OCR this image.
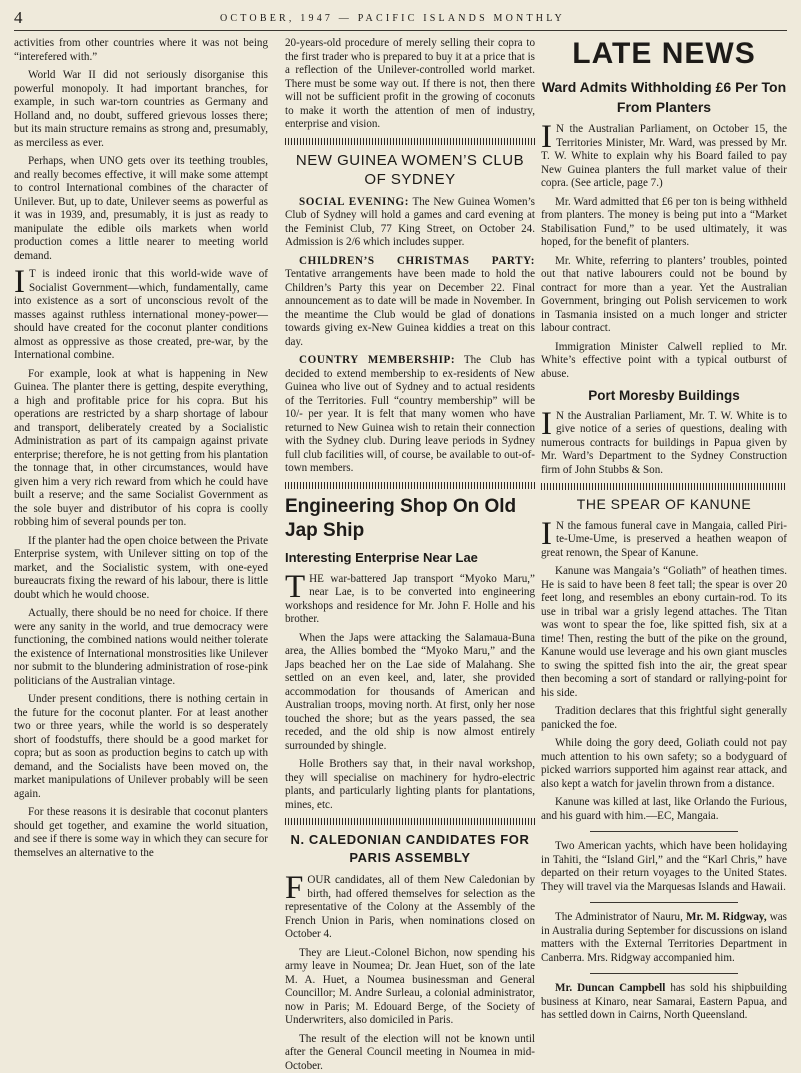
4	OCTOBER, 1947 — PACIFIC ISLANDS MONTHLY

activities from other countries where it was not being “interefered with.”

World War II did not seriously disorganise this powerful monopoly. It had important branches, for example, in such war-torn countries as Germany and Holland and, no doubt, suffered grievous losses there; but its main structure remains as strong and, presumably, as merciless as ever.

Perhaps, when UNO gets over its teething troubles, and really becomes effective, it will make some attempt to control International combines of the character of Unilever. But, up to date, Unilever seems as powerful as it was in 1939, and, presumably, it is just as ready to manipulate the edible oils markets when world production comes a little nearer to meeting world demand.

I T is indeed ironic that this world-wide wave of Socialist Government—which, fundamentally, came into existence as a sort of unconscious revolt of the masses against ruthless international money-power—should have created for the coconut planter conditions almost as oppressive as those created, pre-war, by the International combine.

For example, look at what is happening in New Guinea. The planter there is getting, despite everything, a high and profitable price for his copra. But his operations are restricted by a sharp shortage of labour and transport, deliberately created by a Socialistic Administration as part of its campaign against private enterprise; therefore, he is not getting from his plantation the tonnage that, in other circumstances, would have given him a very rich reward from which he could have built a reserve; and the same Socialist Government as the sole buyer and distributor of his copra is coolly robbing him of several pounds per ton.

If the planter had the open choice between the Private Enterprise system, with Unilever sitting on top of the market, and the Socialistic system, with one-eyed bureaucrats fixing the reward of his labour, there is little doubt which he would choose.

Actually, there should be no need for choice. If there were any sanity in the world, and true democracy were functioning, the combined nations would neither tolerate the existence of International monstrosities like Unilever nor submit to the blundering administration of rose-pink politicians of the Australian vintage.

Under present conditions, there is nothing certain in the future for the coconut planter. For at least another two or three years, while the world is so desperately short of foodstuffs, there should be a good market for copra; but as soon as production begins to catch up with demand, and the Socialists have been moved on, the market manipulations of Unilever probably will be seen again.

For these reasons it is desirable that coconut planters should get together, and examine the world situation, and see if there is some way in which they can secure for themselves an alternative to the

20-years-old procedure of merely selling their copra to the first trader who is prepared to buy it at a price that is a reflection of the Unilever-controlled world market. There must be some way out. If there is not, then there will not be sufficient profit in the growing of coconuts to make it worth the attention of men of industry, enterprise and vision.

NEW GUINEA WOMEN’S CLUB OF SYDNEY

SOCIAL EVENING: The New Guinea Women’s Club of Sydney will hold a games and card evening at the Feminist Club, 77 King Street, on October 24. Admission is 2/6 which includes supper.

CHILDREN’S CHRISTMAS PARTY: Tentative arrangements have been made to hold the Children’s Party this year on December 22. Final announcement as to date will be made in November. In the meantime the Club would be glad of donations towards giving ex-New Guinea kiddies a treat on this day.

COUNTRY MEMBERSHIP: The Club has decided to extend membership to ex-residents of New Guinea who live out of Sydney and to actual residents of the Territories. Full “country membership” will be 10/- per year. It is felt that many women who have returned to New Guinea wish to retain their connection with the Sydney club. During leave periods in Sydney full club facilities will, of course, be available to out-of-town members.

Engineering Shop On Old Jap Ship
Interesting Enterprise Near Lae

THE war-battered Jap transport “Myoko Maru,” near Lae, is to be converted into engineering workshops and residence for Mr. John F. Holle and his brother.

When the Japs were attacking the Salamaua-Buna area, the Allies bombed the “Myoko Maru,” and the Japs beached her on the Lae side of Malahang. She settled on an even keel, and, later, she provided accommodation for thousands of American and Australian troops, moving north. At first, only her nose touched the shore; but as the years passed, the sea receded, and the old ship is now almost entirely surrounded by shingle.

Holle Brothers say that, in their naval workshop, they will specialise on machinery for hydro-electric plants, and particularly lighting plants for plantations, mines, etc.

N. CALEDONIAN CANDIDATES FOR PARIS ASSEMBLY

FOUR candidates, all of them New Caledonian by birth, had offered themselves for selection as the representative of the Colony at the Assembly of the French Union in Paris, when nominations closed on October 4.

They are Lieut.-Colonel Bichon, now spending his army leave in Noumea; Dr. Jean Huet, son of the late M. A. Huet, a Noumea businessman and General Councillor; M. Andre Surleau, a colonial administrator, now in Paris; M. Edouard Berge, of the Society of Underwriters, also domiciled in Paris.

The result of the election will not be known until after the General Council meeting in Noumea in mid-October.

LATE NEWS
Ward Admits Withholding £6 Per Ton From Planters

I N the Australian Parliament, on October 15, the Territories Minister, Mr. Ward, was pressed by Mr. T. W. White to explain why his Board failed to pay New Guinea planters the full market value of their copra. (See article, page 7.)

Mr. Ward admitted that £6 per ton is being withheld from planters. The money is being put into a “Market Stabilisation Fund,” to be used ultimately, it was hoped, for the benefit of planters.

Mr. White, referring to planters’ troubles, pointed out that native labourers could not be bound by contract for more than a year. Yet the Australian Government, bringing out Polish servicemen to work in Tasmania insisted on a much longer and stricter labour contract.

Immigration Minister Calwell replied to Mr. White’s effective point with a typical outburst of abuse.

Port Moresby Buildings

I N the Australian Parliament, Mr. T. W. White is to give notice of a series of questions, dealing with numerous contracts for buildings in Papua given by Mr. Ward’s Department to the Sydney Construction firm of John Stubbs & Son.

THE SPEAR OF KANUNE

I N the famous funeral cave in Mangaia, called Piri-te-Ume-Ume, is preserved a heathen weapon of great renown, the Spear of Kanune.

Kanune was Mangaia’s “Goliath” of heathen times. He is said to have been 8 feet tall; the spear is over 20 feet long, and resembles an ebony curtain-rod. To its use in tribal war a grisly legend attaches. The Titan was wont to spear the foe, like spitted fish, six at a time! Then, resting the butt of the pike on the ground, Kanune would use leverage and his own giant muscles to swing the spitted fish into the air, the great spear then becoming a sort of standard or rallying-point for his side.

Tradition declares that this frightful sight generally panicked the foe.

While doing the gory deed, Goliath could not pay much attention to his own safety; so a bodyguard of picked warriors supported him against rear attack, and also kept a watch for javelin thrown from a distance.

Kanune was killed at last, like Orlando the Furious, and his guard with him.—EC, Mangaia.

Two American yachts, which have been holidaying in Tahiti, the “Island Girl,” and the “Karl Chris,” have departed on their return voyages to the United States. They will travel via the Marquesas Islands and Hawaii.

The Administrator of Nauru, Mr. M. Ridgway, was in Australia during September for discussions on island matters with the External Territories Department in Canberra. Mrs. Ridgway accompanied him.

Mr. Duncan Campbell has sold his shipbuilding business at Kinaro, near Samarai, Eastern Papua, and has settled down in Cairns, North Queensland.
